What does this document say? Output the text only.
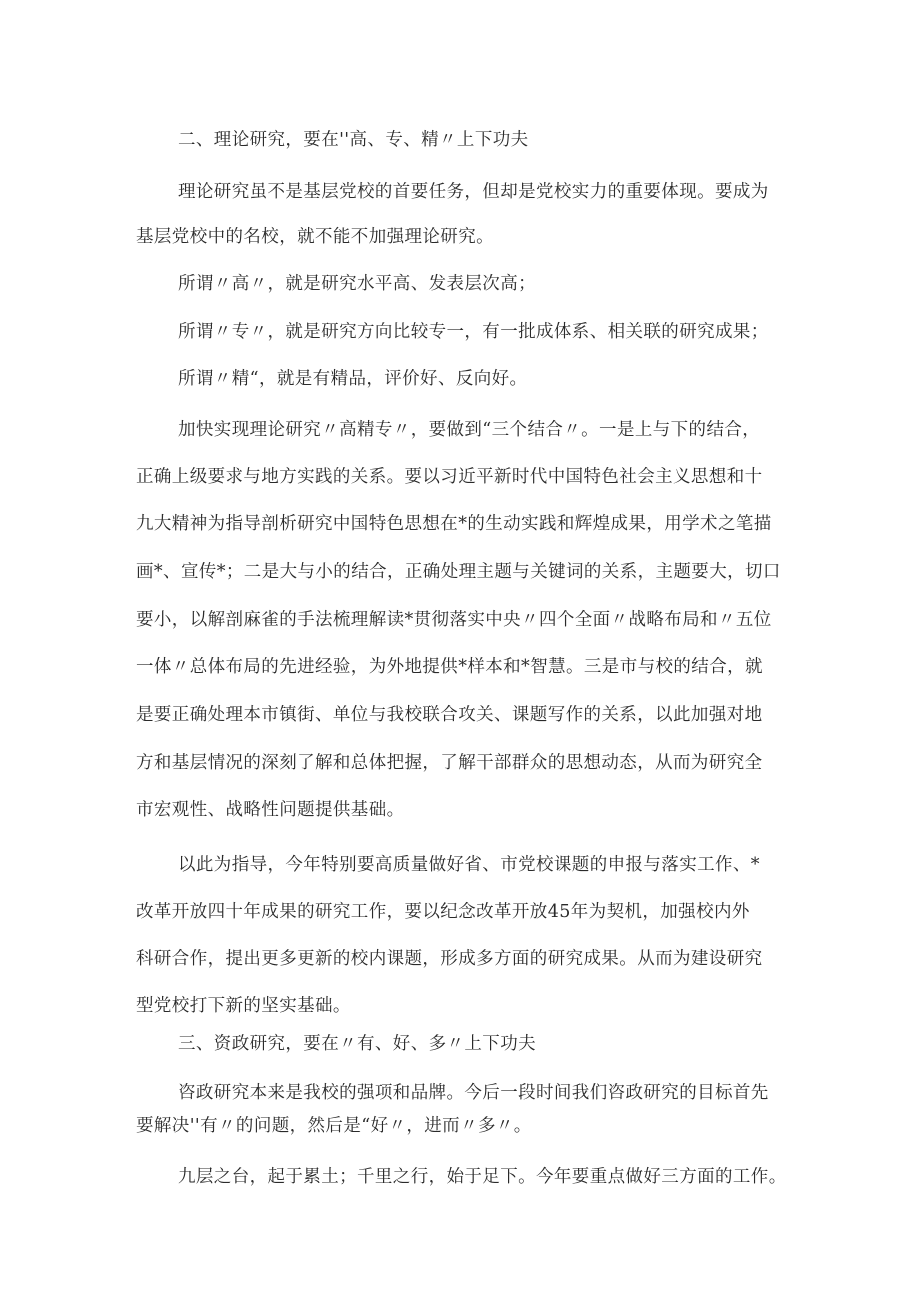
二、理论研究，要在''高、专、精〃上下功夫
理论研究虽不是基层党校的首要任务，但却是党校实力的重要体现。要成为
基层党校中的名校，就不能不加强理论研究。
所谓〃高〃，就是研究水平高、发表层次高；
所谓〃专〃，就是研究方向比较专一，有一批成体系、相关联的研究成果；
所谓〃精“，就是有精品，评价好、反向好。
加快实现理论研究〃高精专〃，要做到“三个结合〃。一是上与下的结合，
正确上级要求与地方实践的关系。要以习近平新时代中国特色社会主义思想和十
九大精神为指导剖析研究中国特色思想在*的生动实践和辉煌成果，用学术之笔描
画*、宣传*；二是大与小的结合，正确处理主题与关键词的关系，主题要大，切口
要小，以解剖麻雀的手法梳理解读*贯彻落实中央〃四个全面〃战略布局和〃五位
一体〃总体布局的先进经验，为外地提供*样本和*智慧。三是市与校的结合，就
是要正确处理本市镇街、单位与我校联合攻关、课题写作的关系，以此加强对地
方和基层情况的深刻了解和总体把握，了解干部群众的思想动态，从而为研究全
市宏观性、战略性问题提供基础。
以此为指导，今年特别要高质量做好省、市党校课题的申报与落实工作、*
改革开放四十年成果的研究工作，要以纪念改革开放45年为契机，加强校内外
科研合作，提出更多更新的校内课题，形成多方面的研究成果。从而为建设研究
型党校打下新的坚实基础。
三、资政研究，要在〃有、好、多〃上下功夫
咨政研究本来是我校的强项和品牌。今后一段时间我们咨政研究的目标首先
要解决''有〃的问题，然后是“好〃，进而〃多〃。
九层之台，起于累土；千里之行，始于足下。今年要重点做好三方面的工作。
